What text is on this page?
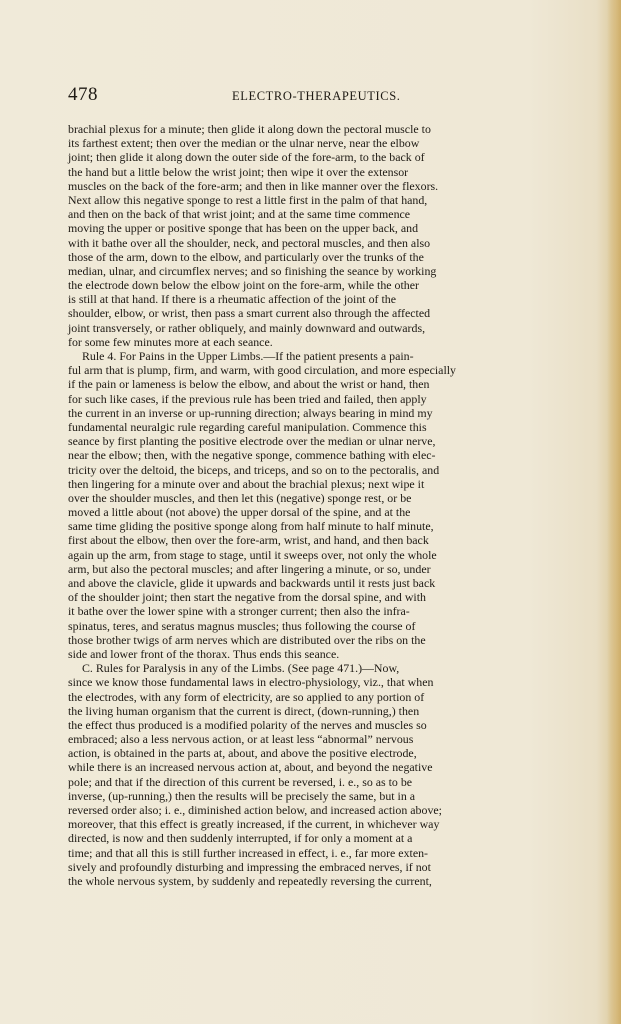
478	ELECTRO-THERAPEUTICS.
brachial plexus for a minute; then glide it along down the pectoral muscle to
its farthest extent; then over the median or the ulnar nerve, near the elbow
joint; then glide it along down the outer side of the fore-arm, to the back of
the hand but a little below the wrist joint; then wipe it over the extensor
muscles on the back of the fore-arm; and then in like manner over the flexors.
Next allow this negative sponge to rest a little first in the palm of that hand,
and then on the back of that wrist joint; and at the same time commence
moving the upper or positive sponge that has been on the upper back, and
with it bathe over all the shoulder, neck, and pectoral muscles, and then also
those of the arm, down to the elbow, and particularly over the trunks of the
median, ulnar, and circumflex nerves; and so finishing the seance by working
the electrode down below the elbow joint on the fore-arm, while the other
is still at that hand. If there is a rheumatic affection of the joint of the
shoulder, elbow, or wrist, then pass a smart current also through the affected
joint transversely, or rather obliquely, and mainly downward and outwards,
for some few minutes more at each seance.
Rule 4. For Pains in the Upper Limbs.—If the patient presents a pain-
ful arm that is plump, firm, and warm, with good circulation, and more especially
if the pain or lameness is below the elbow, and about the wrist or hand, then
for such like cases, if the previous rule has been tried and failed, then apply
the current in an inverse or up-running direction; always bearing in mind my
fundamental neuralgic rule regarding careful manipulation. Commence this
seance by first planting the positive electrode over the median or ulnar nerve,
near the elbow; then, with the negative sponge, commence bathing with elec-
tricity over the deltoid, the biceps, and triceps, and so on to the pectoralis, and
then lingering for a minute over and about the brachial plexus; next wipe it
over the shoulder muscles, and then let this (negative) sponge rest, or be
moved a little about (not above) the upper dorsal of the spine, and at the
same time gliding the positive sponge along from half minute to half minute,
first about the elbow, then over the fore-arm, wrist, and hand, and then back
again up the arm, from stage to stage, until it sweeps over, not only the whole
arm, but also the pectoral muscles; and after lingering a minute, or so, under
and above the clavicle, glide it upwards and backwards until it rests just back
of the shoulder joint; then start the negative from the dorsal spine, and with
it bathe over the lower spine with a stronger current; then also the infra-
spinatus, teres, and seratus magnus muscles; thus following the course of
those brother twigs of arm nerves which are distributed over the ribs on the
side and lower front of the thorax. Thus ends this seance.
C. Rules for Paralysis in any of the Limbs. (See page 471.)—Now,
since we know those fundamental laws in electro-physiology, viz., that when
the electrodes, with any form of electricity, are so applied to any portion of
the living human organism that the current is direct, (down-running,) then
the effect thus produced is a modified polarity of the nerves and muscles so
embraced; also a less nervous action, or at least less “abnormal” nervous
action, is obtained in the parts at, about, and above the positive electrode,
while there is an increased nervous action at, about, and beyond the negative
pole; and that if the direction of this current be reversed, i. e., so as to be
inverse, (up-running,) then the results will be precisely the same, but in a
reversed order also; i. e., diminished action below, and increased action above;
moreover, that this effect is greatly increased, if the current, in whichever way
directed, is now and then suddenly interrupted, if for only a moment at a
time; and that all this is still further increased in effect, i. e., far more exten-
sively and profoundly disturbing and impressing the embraced nerves, if not
the whole nervous system, by suddenly and repeatedly reversing the current,
